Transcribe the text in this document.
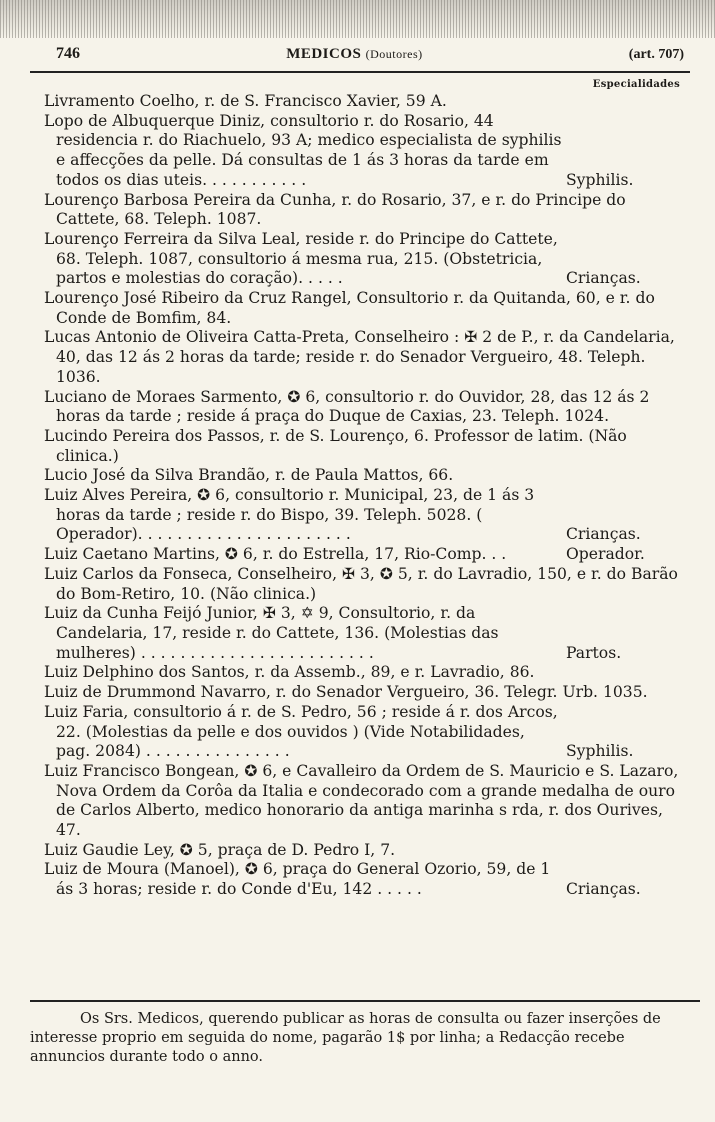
746	MEDICOS (Doutores)	(art. 707)
Especialidades
Livramento Coelho, r. de S. Francisco Xavier, 59 A.
Lopo de Albuquerque Diniz, consultorio r. do Rosario, 44 residencia r. do Riachuelo, 93 A; medico especialista de syphilis e affecções da pelle. Dá consultas de 1 ás 3 horas da tarde em todos os dias uteis. . . . . . . . . . .	Syphilis.
Lourenço Barbosa Pereira da Cunha, r. do Rosario, 37, e r. do Principe do Cattete, 68. Teleph. 1087.
Lourenço Ferreira da Silva Leal, reside r. do Principe do Cattete, 68. Teleph. 1087, consultorio á mesma rua, 215. (Obstetricia, partos e molestias do coração). . . . .	Crianças.
Lourenço José Ribeiro da Cruz Rangel, Consultorio r. da Quitanda, 60, e r. do Conde de Bomfim, 84.
Lucas Antonio de Oliveira Catta-Preta, Conselheiro : ✠ 2 de P., r. da Candelaria, 40, das 12 ás 2 horas da tarde; reside r. do Senador Vergueiro, 48. Teleph. 1036.
Luciano de Moraes Sarmento, ✪ 6, consultorio r. do Ouvidor, 28, das 12 ás 2 horas da tarde ; reside á praça do Duque de Caxias, 23. Teleph. 1024.
Lucindo Pereira dos Passos, r. de S. Lourenço, 6. Professor de latim. (Não clinica.)
Lucio José da Silva Brandão, r. de Paula Mattos, 66.
Luiz Alves Pereira, ✪ 6, consultorio r. Municipal, 23, de 1 ás 3 horas da tarde ; reside r. do Bispo, 39. Teleph. 5028. ( Operador). . . . . . . . . . . . . . . . . . . . . .	Crianças.
Luiz Caetano Martins, ✪ 6, r. do Estrella, 17, Rio-Comp. . .	Operador.
Luiz Carlos da Fonseca, Conselheiro, ✠ 3, ✪ 5, r. do Lavradio, 150, e r. do Barão do Bom-Retiro, 10. (Não clinica.)
Luiz da Cunha Feijó Junior, ✠ 3, ✡ 9, Consultorio, r. da Candelaria, 17, reside r. do Cattete, 136. (Molestias das mulheres) . . . . . . . . . . . . . . . . . . . . . . . .	Partos.
Luiz Delphino dos Santos, r. da Assemb., 89, e r. Lavradio, 86.
Luiz de Drummond Navarro, r. do Senador Vergueiro, 36. Telegr. Urb. 1035.
Luiz Faria, consultorio á r. de S. Pedro, 56 ; reside á r. dos Arcos, 22. (Molestias da pelle e dos ouvidos ) (Vide Notabilidades, pag. 2084) . . . . . . . . . . . . . . .	Syphilis.
Luiz Francisco Bongean, ✪ 6, e Cavalleiro da Ordem de S. Mauricio e S. Lazaro, Nova Ordem da Corôa da Italia e condecorado com a grande medalha de ouro de Carlos Alberto, medico honorario da antiga marinha s rda, r. dos Ourives, 47.
Luiz Gaudie Ley, ✪ 5, praça de D. Pedro I, 7.
Luiz de Moura (Manoel), ✪ 6, praça do General Ozorio, 59, de 1 ás 3 horas; reside r. do Conde d'Eu, 142 . . . . .	Crianças.
Os Srs. Medicos, querendo publicar as horas de consulta ou fazer inserções de interesse proprio em seguida do nome, pagarão 1$ por linha; a Redacção recebe annuncios durante todo o anno.
